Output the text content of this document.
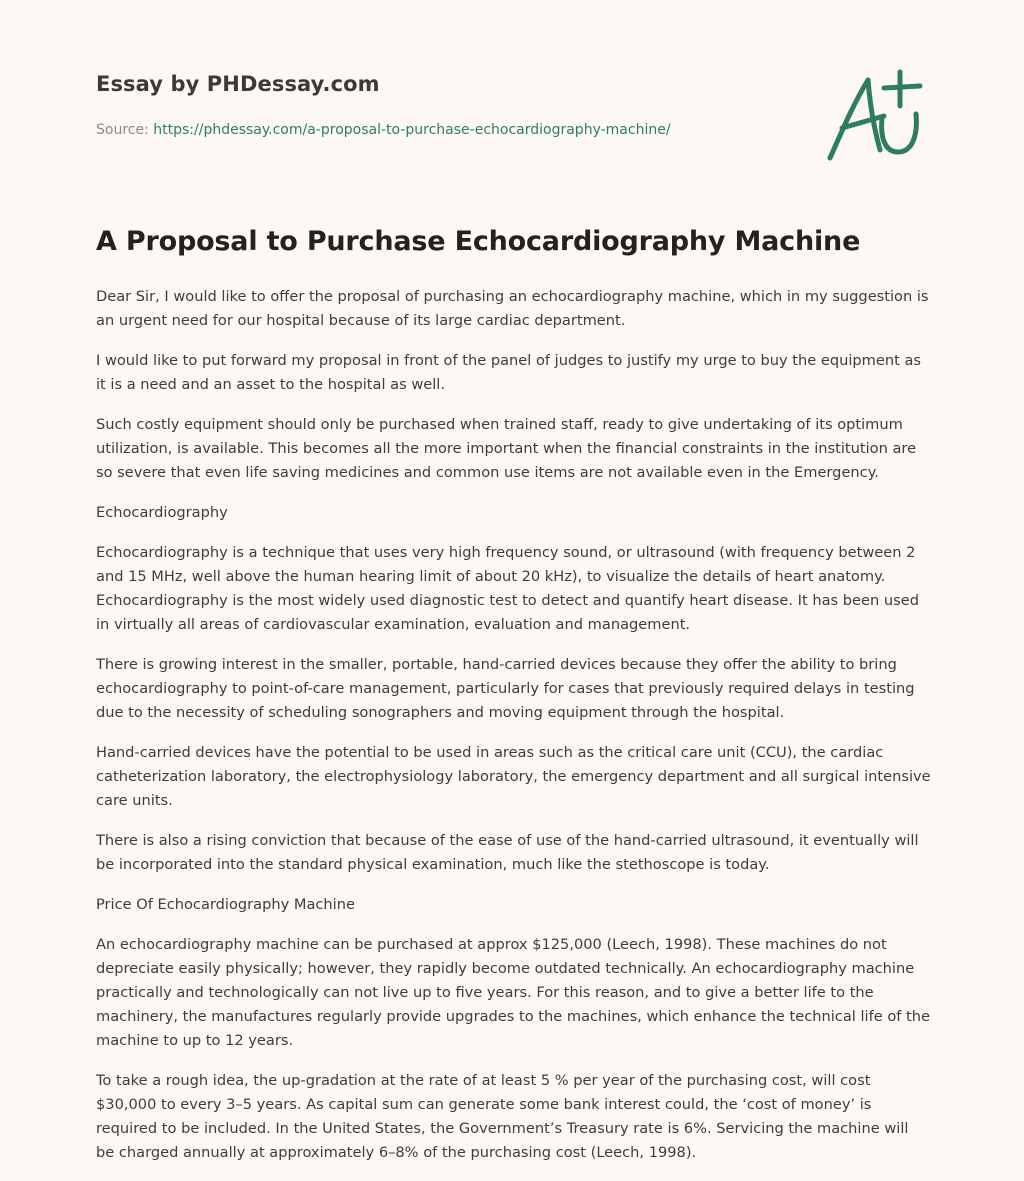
Essay by PHDessay.com
Source: https://phdessay.com/a-proposal-to-purchase-echocardiography-machine/
A Proposal to Purchase Echocardiography Machine

Dear Sir, I would like to offer the proposal of purchasing an echocardiography machine, which in my suggestion is an urgent need for our hospital because of its large cardiac department.

I would like to put forward my proposal in front of the panel of judges to justify my urge to buy the equipment as it is a need and an asset to the hospital as well.

Such costly equipment should only be purchased when trained staff, ready to give undertaking of its optimum utilization, is available. This becomes all the more important when the financial constraints in the institution are so severe that even life saving medicines and common use items are not available even in the Emergency.

Echocardiography

Echocardiography is a technique that uses very high frequency sound, or ultrasound (with frequency between 2 and 15 MHz, well above the human hearing limit of about 20 kHz), to visualize the details of heart anatomy. Echocardiography is the most widely used diagnostic test to detect and quantify heart disease. It has been used in virtually all areas of cardiovascular examination, evaluation and management.

There is growing interest in the smaller, portable, hand-carried devices because they offer the ability to bring echocardiography to point-of-care management, particularly for cases that previously required delays in testing due to the necessity of scheduling sonographers and moving equipment through the hospital.

Hand-carried devices have the potential to be used in areas such as the critical care unit (CCU), the cardiac catheterization laboratory, the electrophysiology laboratory, the emergency department and all surgical intensive care units.

There is also a rising conviction that because of the ease of use of the hand-carried ultrasound, it eventually will be incorporated into the standard physical examination, much like the stethoscope is today.

Price Of Echocardiography Machine

An echocardiography machine can be purchased at approx $125,000 (Leech, 1998). These machines do not depreciate easily physically; however, they rapidly become outdated technically. An echocardiography machine practically and technologically can not live up to five years. For this reason, and to give a better life to the machinery, the manufactures regularly provide upgrades to the machines, which enhance the technical life of the machine to up to 12 years.

To take a rough idea, the up-gradation at the rate of at least 5 % per year of the purchasing cost, will cost $30,000 to every 3–5 years. As capital sum can generate some bank interest could, the ‘cost of money’ is required to be included. In the United States, the Government’s Treasury rate is 6%. Servicing the machine will be charged annually at approximately 6–8% of the purchasing cost (Leech, 1998).
